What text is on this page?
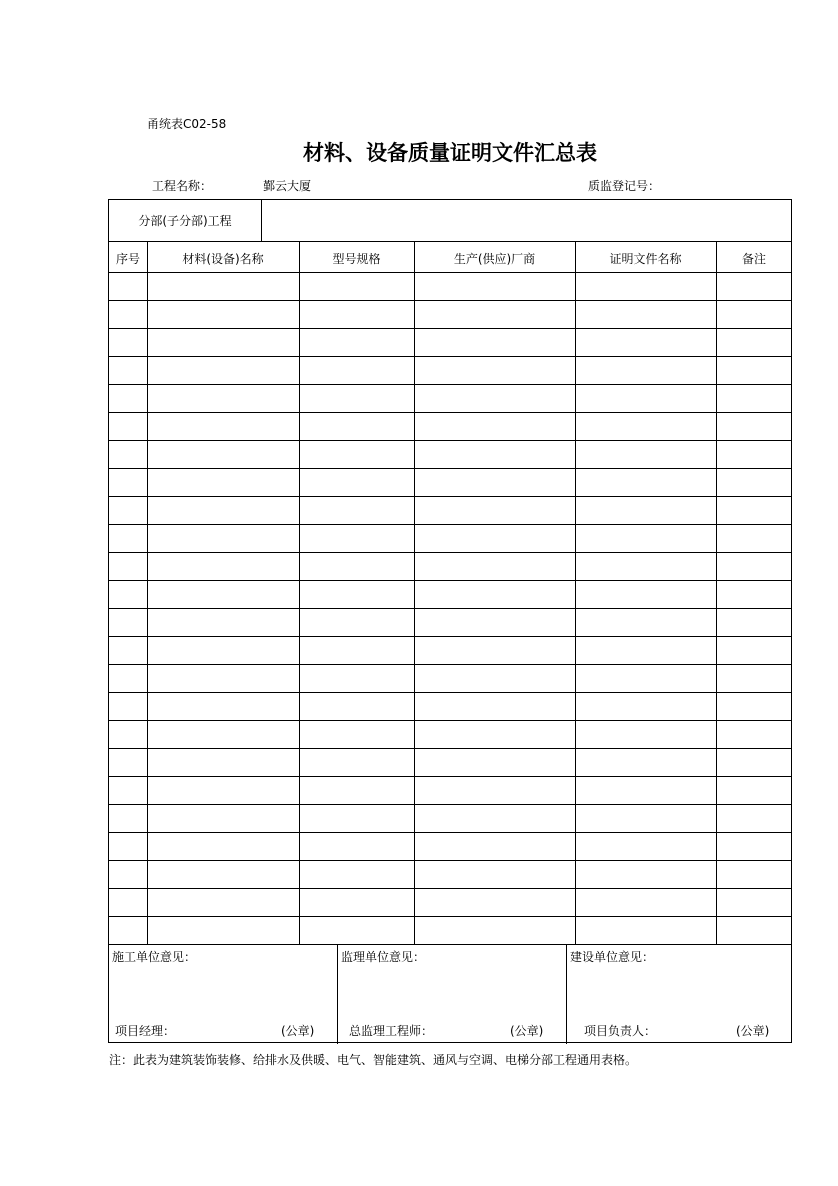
甬统表C02-58
材料、设备质量证明文件汇总表
工程名称：	鄞云大厦	质监登记号：
分部(子分部)工程
序号	材料(设备)名称	型号规格	生产(供应)厂商	证明文件名称	备注
施工单位意见：
项目经理：	(公章)
监理单位意见：
总监理工程师：	(公章)
建设单位意见：
项目负责人：	(公章)
注：此表为建筑装饰装修、给排水及供暖、电气、智能建筑、通风与空调、电梯分部工程通用表格。
